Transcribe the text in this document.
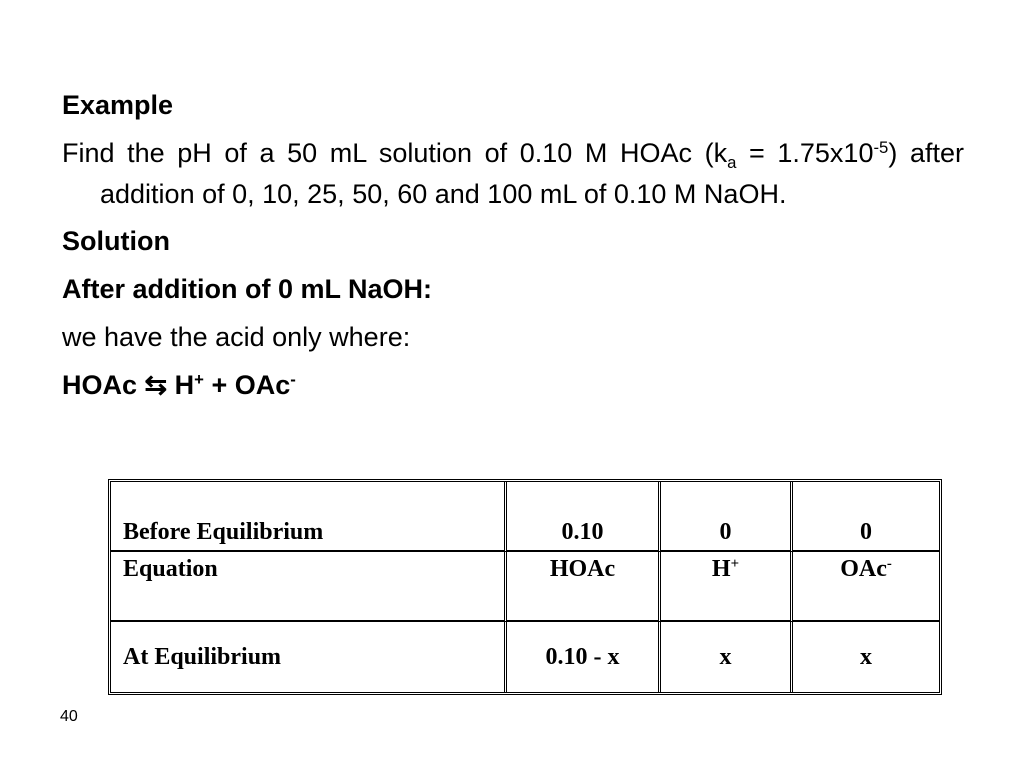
Example
Find the pH of a 50 mL solution of 0.10 M HOAc $(k_a = 1.75x10^{-5})$ after addition of 0, 10, 25, 50, 60 and 100 mL of 0.10 M NaOH.
Solution
After addition of 0 mL NaOH:
we have the acid only where:
HOAc ⇆ H+ + OAc-
Before Equilibrium	0.10	0	0
Equation	HOAc	H+	OAc-
At Equilibrium	0.10 - x	x	x
40
